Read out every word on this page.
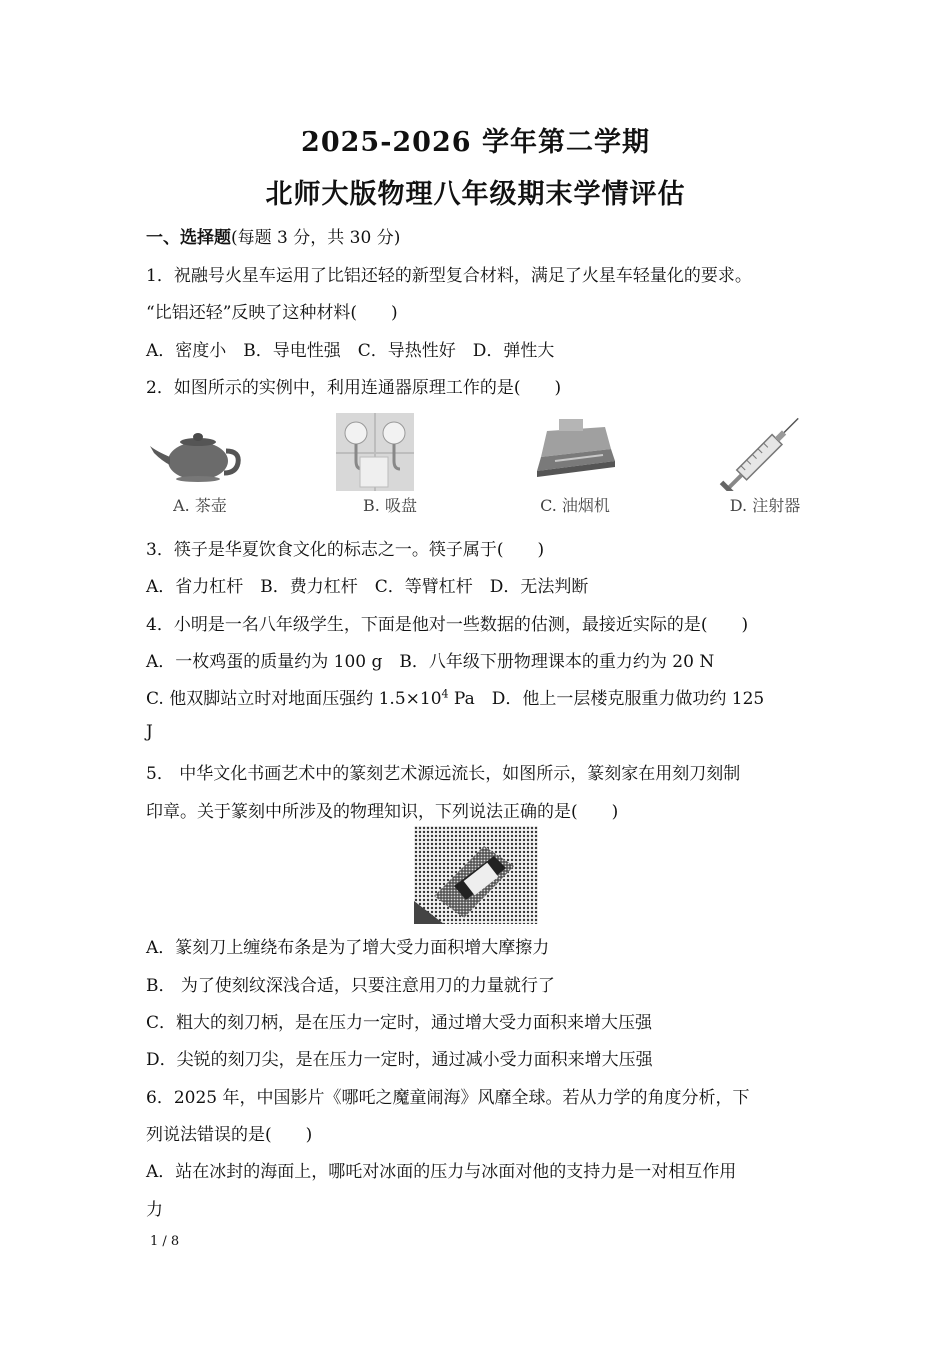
2025-2026 学年第二学期
北师大版物理八年级期末学情评估
一、选择题(每题 3 分，共 30 分)
1．祝融号火星车运用了比铝还轻的新型复合材料，满足了火星车轻量化的要求。
“比铝还轻”反映了这种材料(　　)
A．密度小　B．导电性强　C．导热性好　D．弹性大
2．如图所示的实例中，利用连通器原理工作的是(　　)
A. 茶壶	B. 吸盘	C. 油烟机	D. 注射器
3．筷子是华夏饮食文化的标志之一。筷子属于(　　)
A．省力杠杆　B．费力杠杆　C．等臂杠杆　D．无法判断
4．小明是一名八年级学生，下面是他对一些数据的估测，最接近实际的是(　　)
A．一枚鸡蛋的质量约为 100 g　B．八年级下册物理课本的重力约为 20 N
C. 他双脚站立时对地面压强约 $1.5\times 10^4$ Pa　D．他上一层楼克服重力做功约 125
J
5． 中华文化书画艺术中的篆刻艺术源远流长，如图所示，篆刻家在用刻刀刻制
印章。关于篆刻中所涉及的物理知识，下列说法正确的是(　　)
A．篆刻刀上缠绕布条是为了增大受力面积增大摩擦力
B． 为了使刻纹深浅合适，只要注意用刀的力量就行了
C．粗大的刻刀柄，是在压力一定时，通过增大受力面积来增大压强
D．尖锐的刻刀尖，是在压力一定时，通过减小受力面积来增大压强
6．2025 年，中国影片《哪吒之魔童闹海》风靡全球。若从力学的角度分析，下
列说法错误的是(　　)
A．站在冰封的海面上，哪吒对冰面的压力与冰面对他的支持力是一对相互作用
力
1 / 8
